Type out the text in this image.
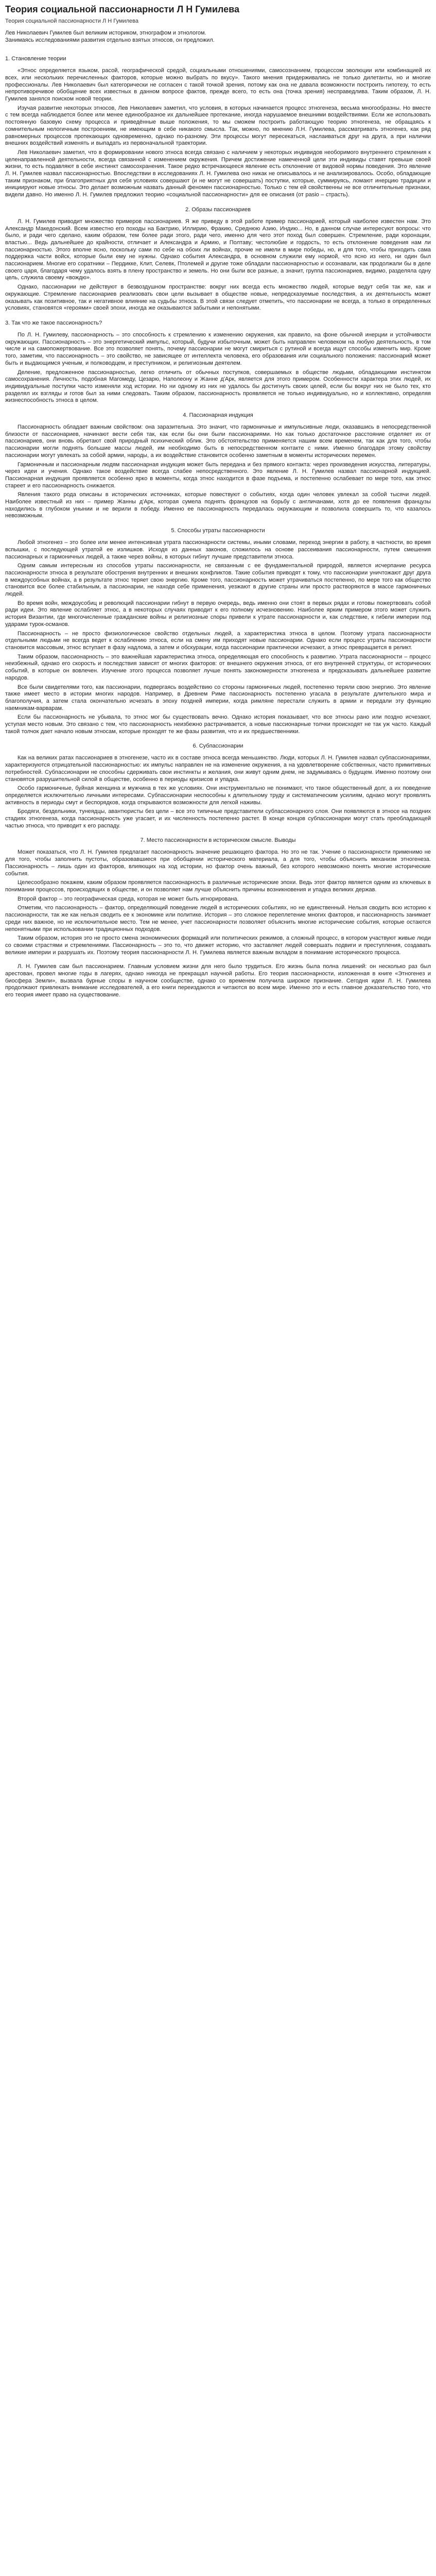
Теория социальной пассионарности Л Н Гумилева
Теория социальной пассионарности Л Н Гумилева

Лев Николаевич Гумилев был великим историком, этнографом и этнологом.

Занимаясь исследованиями развития отдельно взятых этносов, он предложил.

1. Становление теории

«Этнос определяется языком, расой, географической средой, социальными отношениями, самосознанием, процессом эволюции или комбинацией их всех, или нескольких перечисленных факторов, которые можно выбрать по вкусу». Такого мнения придерживались не только дилетанты, но и многие профессионалы. Лев Николаевич был категорически не согласен с такой точкой зрения, потому как она не давала возможности построить гипотезу, то есть непротиворечивое обобщение всех известных в данном вопросе фактов, прежде всего, то есть она (точка зрения) несправедлива. Таким образом, Л. Н. Гумилев занялся поиском новой теории.

Изучая развитие некоторых этносов, Лев Николаевич заметил, что условия, в которых начинается процесс этногенеза, весьма многообразны. Но вместе с тем всегда наблюдается более или менее единообразное их дальнейшее протекание, иногда нарушаемое внешними воздействиями. Если же использовать постоянную базовую схему процесса и приведённые выше положения, то мы сможем построить работающую теорию этногенеза, не обращаясь к сомнительным нелогичным построениям, не имеющим в себе никакого смысла. Так, можно, по мнению Л.Н. Гумилева, рассматривать этногенез, как ряд равномерных процессов протекающих одновременно, однако по-разному. Эти процессы могут пересекаться, наслаиваться друг на друга, а при наличии внешних воздействий изменять и выпадать из первоначальной траектории.

Лев Николаевич заметил, что в формировании нового этноса всегда связано с наличием у некоторых индивидов необоримого внутреннего стремления к целенаправленной деятельности, всегда связанной с изменением окружения. Причем достижение намеченной цели эти индивиды ставят превыше своей жизни, то есть подавляют в себе инстинкт самосохранения. Такое редко встречающееся явление есть отклонение от видовой нормы поведения. Это явление Л. Н. Гумилев назвал пассионарностью. Впоследствии в исследованиях Л. Н. Гумилева оно никак не описывалось и не анализировалось. Особо, обладающие таким признаком, при благоприятных для себя условиях совершают (и не могут не совершать) поступки, которые, суммируясь, ломают инерцию традиции и инициируют новые этносы. Это делает возможным назвать данный феномен пассионарностью. Только с тем ей свойственны не все отличительные признаки, видели давно. Но именно Л. Н. Гумилев предложил теорию «социальной пассионарности» для ее описания (от pasio – страсть).

2. Образы пассионариев

Л. Н. Гумилев приводит множество примеров пассионариев. Я же приведу в этой работе пример пассионарией, который наиболее известен нам. Это Александр Македонский. Всем известно его походы на Бактрию, Иллирию, Фракию, Среднюю Азию, Индию... Но, в данном случае интересуют вопросы: что было, и ради чего сделано, каким образом, тем более ради этого, ради чего, именно для чего этот поход был совершен. Стремление, ради коронации, властью... Ведь дальнейшее до крайности, отличает и Александра и Армию, и Полтаву; честолюбие и гордость, то есть отклонение поведения нам ли пассионарностью. Этого вполне ясно, поскольку сами по себе на обоих ли войнах, прочие не имели в мире победы, но, и для того, чтобы приходить сама поддержка части войск, которые были ему не нужны. Однако события Александра, в основном служили ему нормой, что ясно из него, ни один был пассионарием. Многие его соратники – Пердикке, Клит, Селевк, Птолемей и другие тоже обладали пассионарностью и осознавали, как продолжали бы в деле своего царя, благодаря чему удалось взять в плену пространство и земель. Но они были все разные, а значит, группа пассионариев, видимо, разделяла одну цель, служила своему «вождю».

Однако, пассионарии не действуют в безвоздушном пространстве: вокруг них всегда есть множество людей, которые ведут себя так же, как и окружающие. Стремление пассионариев реализовать свои цели вызывает в обществе новые, непредсказуемые последствия, а их деятельность может оказывать как позитивное, так и негативное влияние на судьбы этноса. В этой связи следует отметить, что пассионарии не всегда, а только в определенных условиях, становятся «героями» своей эпохи, иногда же оказываются забытыми и непонятыми.

3. Так что же такое пассионарность?

По Л. Н. Гумилеву, пассионарность – это способность к стремлению к изменению окружения, как правило, на фоне обычной инерции и устойчивости окружающих. Пассионарность – это энергетический импульс, который, будучи избыточным, может быть направлен человеком на любую деятельность, в том числе и на самопожертвование. Все это позволяет понять, почему пассионарии не могут смириться с рутиной и всегда ищут способы изменить мир. Кроме того, заметим, что пассионарность – это свойство, не зависящее от интеллекта человека, его образования или социального положения: пассионарий может быть и выдающимся ученым, и полководцем, и преступником, и религиозным деятелем.

Деление, предложенное пассионарностью, легко отличить от обычных поступков, совершаемых в обществе людьми, обладающими инстинктом самосохранения. Личность, подобная Магомеду, Цезарю, Наполеону и Жанне д'Арк, является для этого примером. Особенности характера этих людей, их индивидуальные поступки часто изменяли ход истории. Но ни одному из них не удалось бы достигнуть своих целей, если бы вокруг них не было тех, кто разделял их взгляды и готов был за ними следовать. Таким образом, пассионарность проявляется не только индивидуально, но и коллективно, определяя жизнеспособность этноса в целом.

4. Пассионарная индукция

Пассионарность обладает важным свойством: она заразительна. Это значит, что гармоничные и импульсивные люди, оказавшись в непосредственной близости от пассионариев, начинают вести себя так, как если бы они были пассионариями. Но как только достаточное расстояние отделяет их от пассионариев, они вновь обретают свой природный психический облик. Это обстоятельство применяется нашим всем временем, так как для того, чтобы пассионарии могли поднять большие массы людей, им необходимо быть в непосредственном контакте с ними. Именно благодаря этому свойству пассионарии могут увлекать за собой армии, народы, а их воздействие становится особенно заметным в моменты исторических перемен.

Гармоничным и пассионарным людям пассионарная индукция может быть передана и без прямого контакта: через произведения искусства, литературы, через идеи и учения. Однако такое воздействие всегда слабее непосредственного. Это явление Л. Н. Гумилев назвал пассионарной индукцией. Пассионарная индукция проявляется особенно ярко в моменты, когда этнос находится в фазе подъема, и постепенно ослабевает по мере того, как этнос стареет и его пассионарность снижается.

Явления такого рода описаны в исторических источниках, которые повествуют о событиях, когда один человек увлекал за собой тысячи людей. Наиболее известный из них – пример Жанны д'Арк, которая сумела поднять французов на борьбу с англичанами, хотя до ее появления французы находились в глубоком унынии и не верили в победу. Именно ее пассионарность передалась окружающим и позволила совершить то, что казалось невозможным.

5. Способы утраты пассионарности

Любой этногенез – это более или менее интенсивная утрата пассионарности системы, иными словами, переход энергии в работу, в частности, во время вспышки, с последующей утратой ее излишков. Исходя из данных законов, сложилось на основе рассеивания пассионарности, путем смешения пассионарных и гармоничных людей, а также через войны, в которых гибнут лучшие представители этноса.

Одним самым интересным из способов утраты пассионарности, не связанным с ее фундаментальной природой, является исчерпание ресурса пассионарности этноса в результате обострения внутренних и внешних конфликтов. Такие события приводят к тому, что пассионарии уничтожают друг друга в междоусобных войнах, а в результате этнос теряет свою энергию. Кроме того, пассионарность может утрачиваться постепенно, по мере того как общество становится все более стабильным, а пассионарии, не находя себе применения, уезжают в другие страны или просто растворяются в массе гармоничных людей.

Во время войн, междоусобиц и революций пассионарии гибнут в первую очередь, ведь именно они стоят в первых рядах и готовы пожертвовать собой ради идеи. Это явление ослабляет этнос, а в некоторых случаях приводит к его полному исчезновению. Наиболее ярким примером этого может служить история Византии, где многочисленные гражданские войны и религиозные споры привели к утрате пассионарности и, как следствие, к гибели империи под ударами турок-османов.

Пассионарность – не просто физиологическое свойство отдельных людей, а характеристика этноса в целом. Поэтому утрата пассионарности отдельными людьми не всегда ведет к ослаблению этноса, если на смену им приходят новые пассионарии. Однако если процесс утраты пассионарности становится массовым, этнос вступает в фазу надлома, а затем и обскурации, когда пассионарии практически исчезают, а этнос превращается в реликт.

Таким образом, пассионарность – это важнейшая характеристика этноса, определяющая его способность к развитию. Утрата пассионарности – процесс неизбежный, однако его скорость и последствия зависят от многих факторов: от внешнего окружения этноса, от его внутренней структуры, от исторических событий, в которые он вовлечен. Изучение этого процесса позволяет лучше понять закономерности этногенеза и предсказывать дальнейшее развитие народов.

Все были свидетелями того, как пассионарии, подвергаясь воздействию со стороны гармоничных людей, постепенно теряли свою энергию. Это явление также имеет место в истории многих народов. Например, в Древнем Риме пассионарность постепенно угасала в результате длительного мира и благополучия, а затем стала окончательно исчезать в эпоху поздней империи, когда римляне перестали служить в армии и передали эту функцию наемникам-варварам.

Если бы пассионарность не убывала, то этнос мог бы существовать вечно. Однако история показывает, что все этносы рано или поздно исчезают, уступая место новым. Это связано с тем, что пассионарность неизбежно растрачивается, а новые пассионарные толчки происходят не так уж часто. Каждый такой толчок дает начало новым этносам, которые проходят те же фазы развития, что и их предшественники.

6. Субпассионарии

Как на великих ратах пассионариев в этногенезе, часто их в составе этноса всегда меньшинство. Люди, которых Л. Н. Гумилев назвал субпассионариями, характеризуются отрицательной пассионарностью: их импульс направлен не на изменение окружения, а на удовлетворение собственных, часто примитивных потребностей. Субпассионарии не способны сдерживать свои инстинкты и желания, они живут одним днем, не задумываясь о будущем. Именно поэтому они становятся разрушительной силой в обществе, особенно в периоды кризисов и упадка.

Особо гармоничные, буйная женщина и мужчина в тех же условиях. Они инструментально не понимают, что такое общественный долг, а их поведение определяется исключительно личными интересами. Субпассионарии неспособны к длительному труду и систематическим усилиям, однако могут проявлять активность в периоды смут и беспорядков, когда открываются возможности для легкой наживы.

Бродяги, бездельники, тунеядцы, авантюристы без цели – все это типичные представители субпассионарного слоя. Они появляются в этносе на поздних стадиях этногенеза, когда пассионарность уже угасает, и их численность постепенно растет. В конце концов субпассионарии могут стать преобладающей частью этноса, что приводит к его распаду.

7. Место пассионарности в историческом смысле. Выводы

Может показаться, что Л. Н. Гумилев предлагает пассионарность значение решающего фактора. Но это не так. Учение о пассионарности применимо не для того, чтобы заполнить пустоты, образовавшиеся при обобщении исторического материала, а для того, чтобы объяснить механизм этногенеза. Пассионарность – лишь один из факторов, влияющих на ход истории, но фактор очень важный, без которого невозможно понять многие исторические события.

Целесообразно покажем, каким образом проявляется пассионарность в различные исторические эпохи. Ведь этот фактор является одним из ключевых в понимании процессов, происходящих в обществе, и он позволяет нам лучше объяснить причины возникновения и упадка великих держав.

Второй фактор – это географическая среда, которая не может быть игнорирована.

Отметим, что пассионарность – фактор, определяющий поведение людей в исторических событиях, но не единственный. Нельзя сводить всю историю к пассионарности, так же как нельзя сводить ее к экономике или политике. История – это сложное переплетение многих факторов, и пассионарность занимает среди них важное, но не исключительное место. Тем не менее, учет пассионарности позволяет объяснить многие исторические события, которые остаются непонятными при использовании традиционных подходов.

Таким образом, история это не просто смена экономических формаций или политических режимов, а сложный процесс, в котором участвуют живые люди со своими страстями и стремлениями. Пассионарность – это то, что движет историю, что заставляет людей совершать подвиги и преступления, создавать великие империи и разрушать их. Поэтому теория пассионарности Л. Н. Гумилева является важным вкладом в понимание исторического процесса.

Л. Н. Гумилев сам был пассионарием. Главным условием жизни для него было трудиться. Его жизнь была полна лишений: он несколько раз был арестован, провел многие годы в лагерях, однако никогда не прекращал научной работы. Его теория пассионарности, изложенная в книге «Этногенез и биосфера Земли», вызвала бурные споры в научном сообществе, однако со временем получила широкое признание. Сегодня идеи Л. Н. Гумилева продолжают привлекать внимание исследователей, а его книги переиздаются и читаются во всем мире. Именно это и есть главное доказательство того, что его теория имеет право на существование.
